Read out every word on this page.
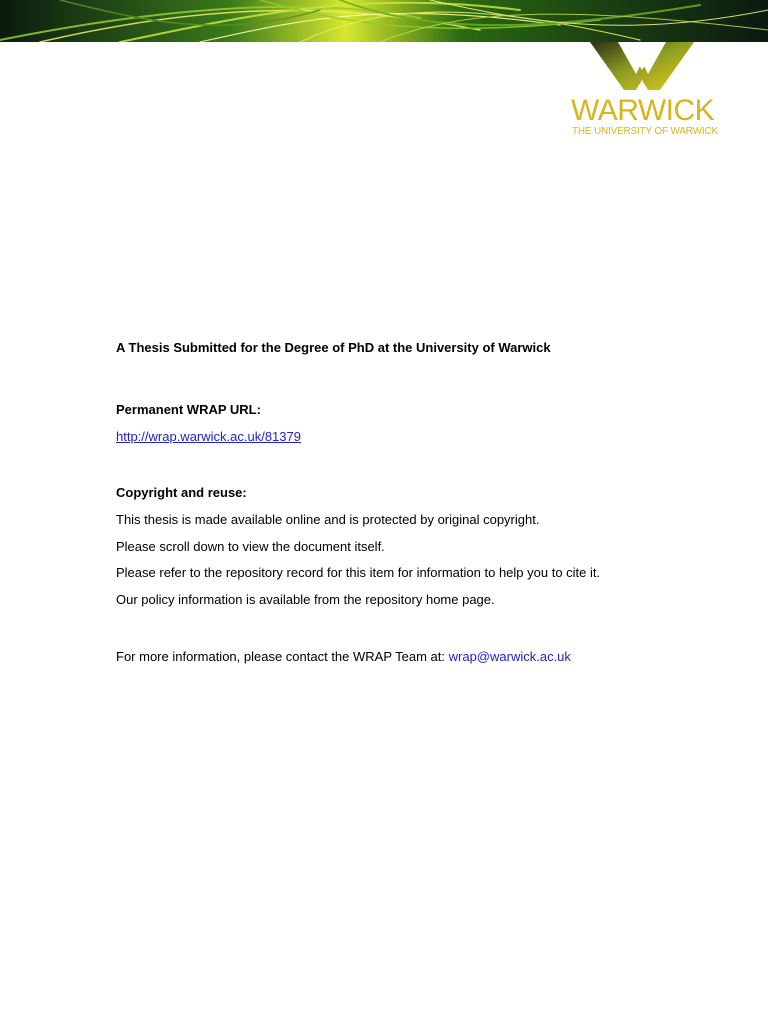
WARWICK
THE UNIVERSITY OF WARWICK
A Thesis Submitted for the Degree of PhD at the University of Warwick
Permanent WRAP URL:
http://wrap.warwick.ac.uk/81379
Copyright and reuse:
This thesis is made available online and is protected by original copyright.
Please scroll down to view the document itself.
Please refer to the repository record for this item for information to help you to cite it.
Our policy information is available from the repository home page.
For more information, please contact the WRAP Team at: wrap@warwick.ac.uk
